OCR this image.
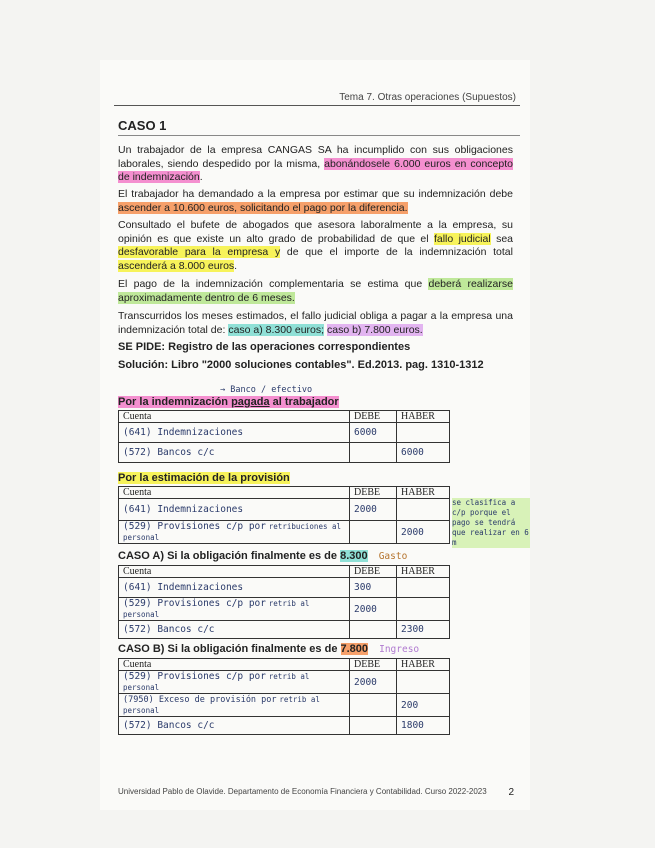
Tema 7. Otras operaciones (Supuestos)
CASO 1
Un trabajador de la empresa CANGAS SA ha incumplido con sus obligaciones laborales, siendo despedido por la misma, abonándosele 6.000 euros en concepto de indemnización.
El trabajador ha demandado a la empresa por estimar que su indemnización debe ascender a 10.600 euros, solicitando el pago por la diferencia.
Consultado el bufete de abogados que asesora laboralmente a la empresa, su opinión es que existe un alto grado de probabilidad de que el fallo judicial sea desfavorable para la empresa y de que el importe de la indemnización total ascenderá a 8.000 euros.
El pago de la indemnización complementaria se estima que deberá realizarse aproximadamente dentro de 6 meses.
Transcurridos los meses estimados, el fallo judicial obliga a pagar a la empresa una indemnización total de: caso a) 8.300 euros; caso b) 7.800 euros.
SE PIDE: Registro de las operaciones correspondientes
Solución: Libro "2000 soluciones contables". Ed.2013. pag. 1310-1312
→ Banco / efectivo
Por la indemnización pagada al trabajador
Cuenta	DEBE	HABER
(641) Indemnizaciones	6000	
(572) Bancos c/c		6000
Por la estimación de la provisión
Cuenta	DEBE	HABER
(641) Indemnizaciones	2000	
(529) Provisiones c/p por retribuciones al personal		2000
se clasifica a c/p porque el pago se tendrá que realizar en 6 m
CASO A) Si la obligación finalmente es de 8.300 Gasto
Cuenta	DEBE	HABER
(641) Indemnizaciones	300	
(529) Provisiones c/p por retrib al personal	2000	
(572) Bancos c/c		2300
CASO B) Si la obligación finalmente es de 7.800 Ingreso
Cuenta	DEBE	HABER
(529) Provisiones c/p por retrib al personal	2000	
(7950) Exceso de provisión por retrib al personal		200
(572) Bancos c/c		1800
Universidad Pablo de Olavide. Departamento de Economía Financiera y Contabilidad. Curso 2022-2023 2
